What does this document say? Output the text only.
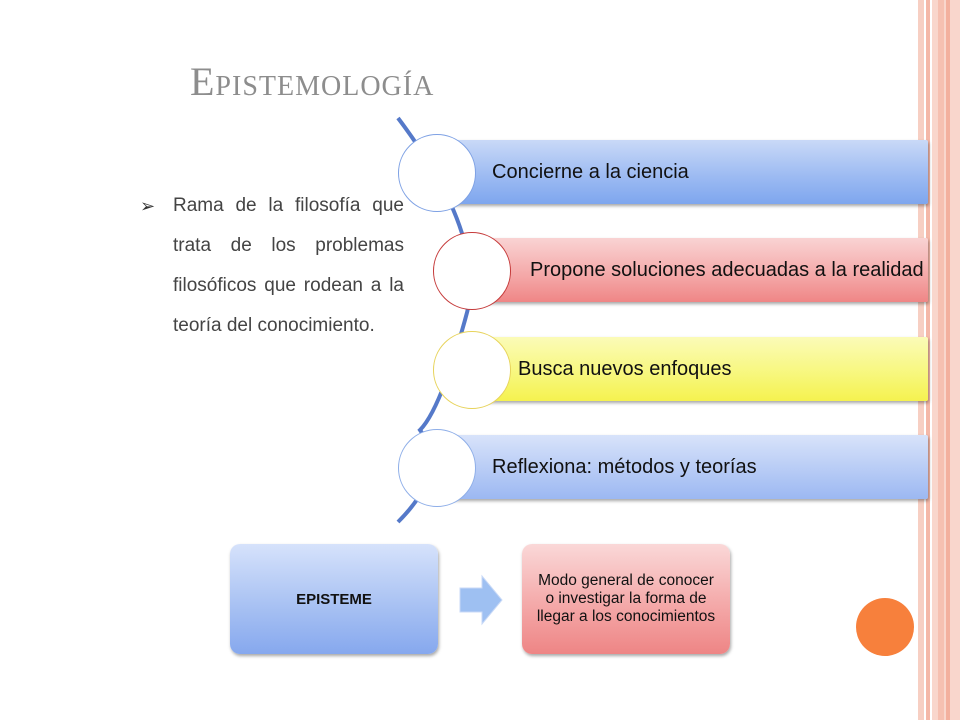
Epistemología
➢ Rama de la filosofía que trata de los problemas filosóficos que rodean a la teoría del conocimiento.
Concierne a la ciencia
Propone soluciones adecuadas a la realidad
Busca nuevos enfoques
Reflexiona: métodos y teorías
EPISTEME
Modo general de conocer o investigar la forma de llegar a los conocimientos
